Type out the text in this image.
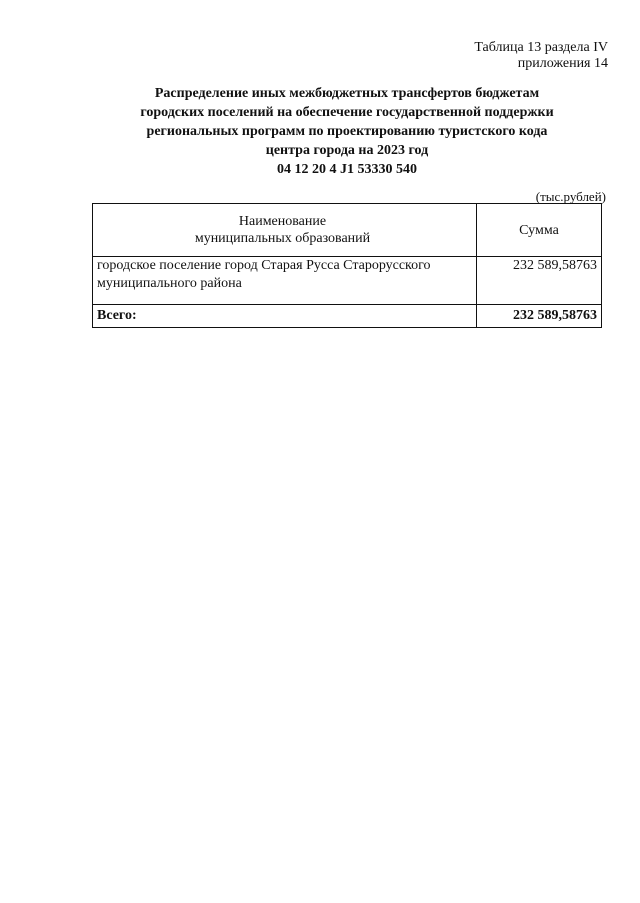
Таблица 13 раздела IV
приложения 14
Распределение иных межбюджетных трансфертов бюджетам
городских поселений на обеспечение государственной поддержки
региональных программ по проектированию туристского кода
центра города на 2023 год
04 12 20 4 J1 53330 540
(тыс.рублей)
Наименование
муниципальных образований	Сумма
городское поселение город Старая Русса Старорусского муниципального района	232 589,58763
Всего:	232 589,58763
